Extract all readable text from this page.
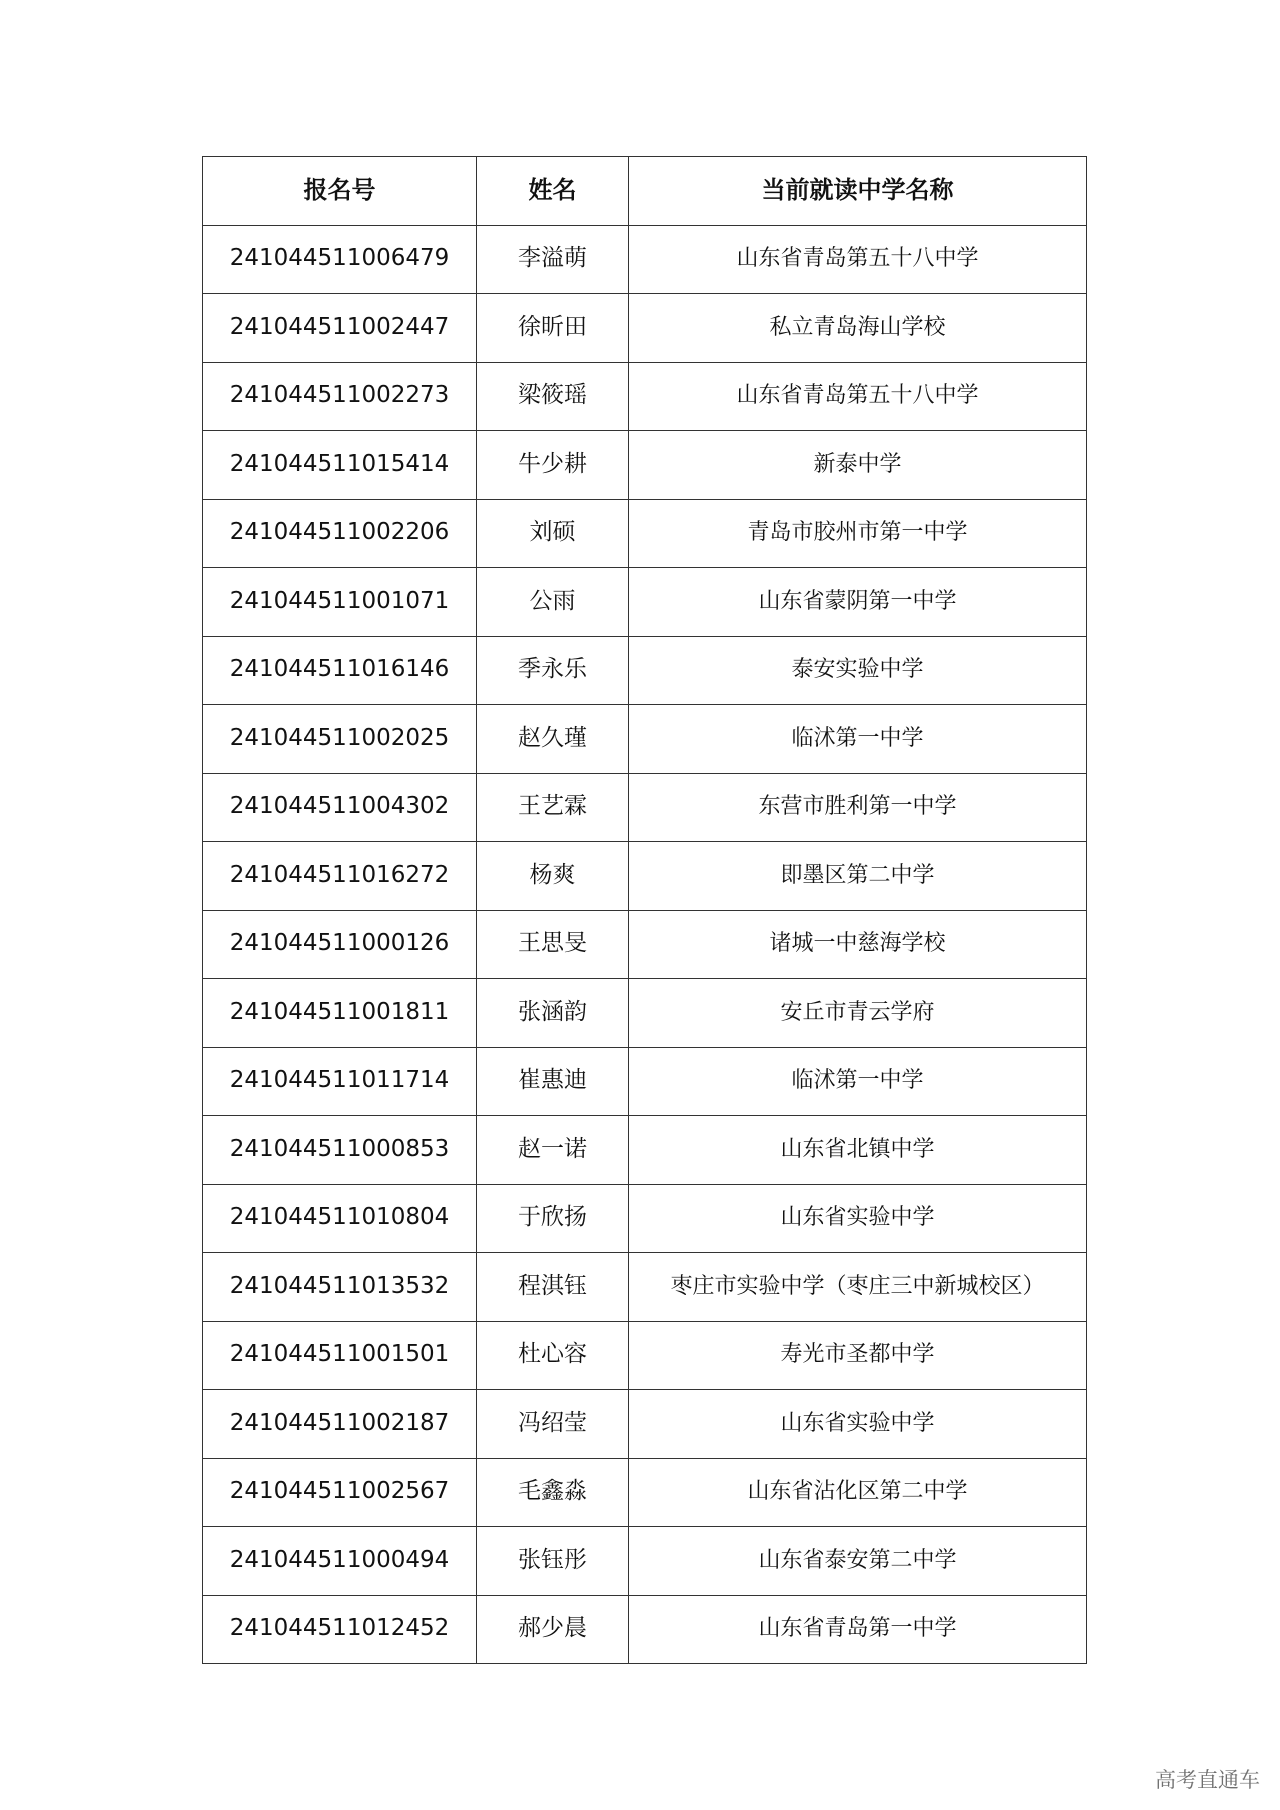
报名号	姓名	当前就读中学名称
241044511006479	李溢萌	山东省青岛第五十八中学
241044511002447	徐昕田	私立青岛海山学校
241044511002273	梁筱瑶	山东省青岛第五十八中学
241044511015414	牛少耕	新泰中学
241044511002206	刘硕	青岛市胶州市第一中学
241044511001071	公雨	山东省蒙阴第一中学
241044511016146	季永乐	泰安实验中学
241044511002025	赵久瑾	临沭第一中学
241044511004302	王艺霖	东营市胜利第一中学
241044511016272	杨爽	即墨区第二中学
241044511000126	王思旻	诸城一中慈海学校
241044511001811	张涵韵	安丘市青云学府
241044511011714	崔惠迪	临沭第一中学
241044511000853	赵一诺	山东省北镇中学
241044511010804	于欣扬	山东省实验中学
241044511013532	程淇钰	枣庄市实验中学（枣庄三中新城校区）
241044511001501	杜心容	寿光市圣都中学
241044511002187	冯绍莹	山东省实验中学
241044511002567	毛鑫淼	山东省沾化区第二中学
241044511000494	张钰彤	山东省泰安第二中学
241044511012452	郝少晨	山东省青岛第一中学
高考直通车
